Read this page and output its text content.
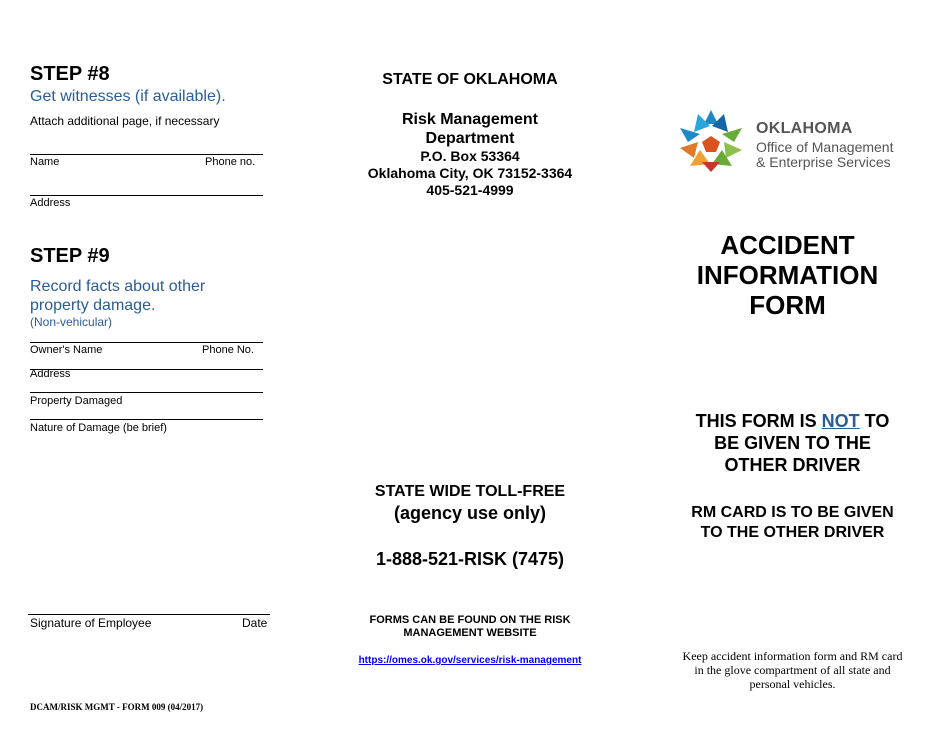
STEP #8
Get witnesses (if available).
Attach additional page, if necessary
Name	Phone no.
Address
STEP #9
Record facts about other
property damage.
(Non-vehicular)
Owner's Name	Phone No.
Address
Property Damaged
Nature of Damage (be brief)
Signature of Employee	Date
DCAM/RISK MGMT - FORM 009 (04/2017)
STATE OF OKLAHOMA
Risk Management
Department
P.O. Box 53364
Oklahoma City, OK 73152-3364
405-521-4999
STATE WIDE TOLL-FREE
(agency use only)
1-888-521-RISK (7475)
FORMS CAN BE FOUND ON THE RISK
MANAGEMENT WEBSITE
https://omes.ok.gov/services/risk-management
OKLAHOMA
Office of Management
& Enterprise Services
ACCIDENT
INFORMATION
FORM
THIS FORM IS NOT TO
BE GIVEN TO THE
OTHER DRIVER
RM CARD IS TO BE GIVEN
TO THE OTHER DRIVER
Keep accident information form and RM card
in the glove compartment of all state and
personal vehicles.
